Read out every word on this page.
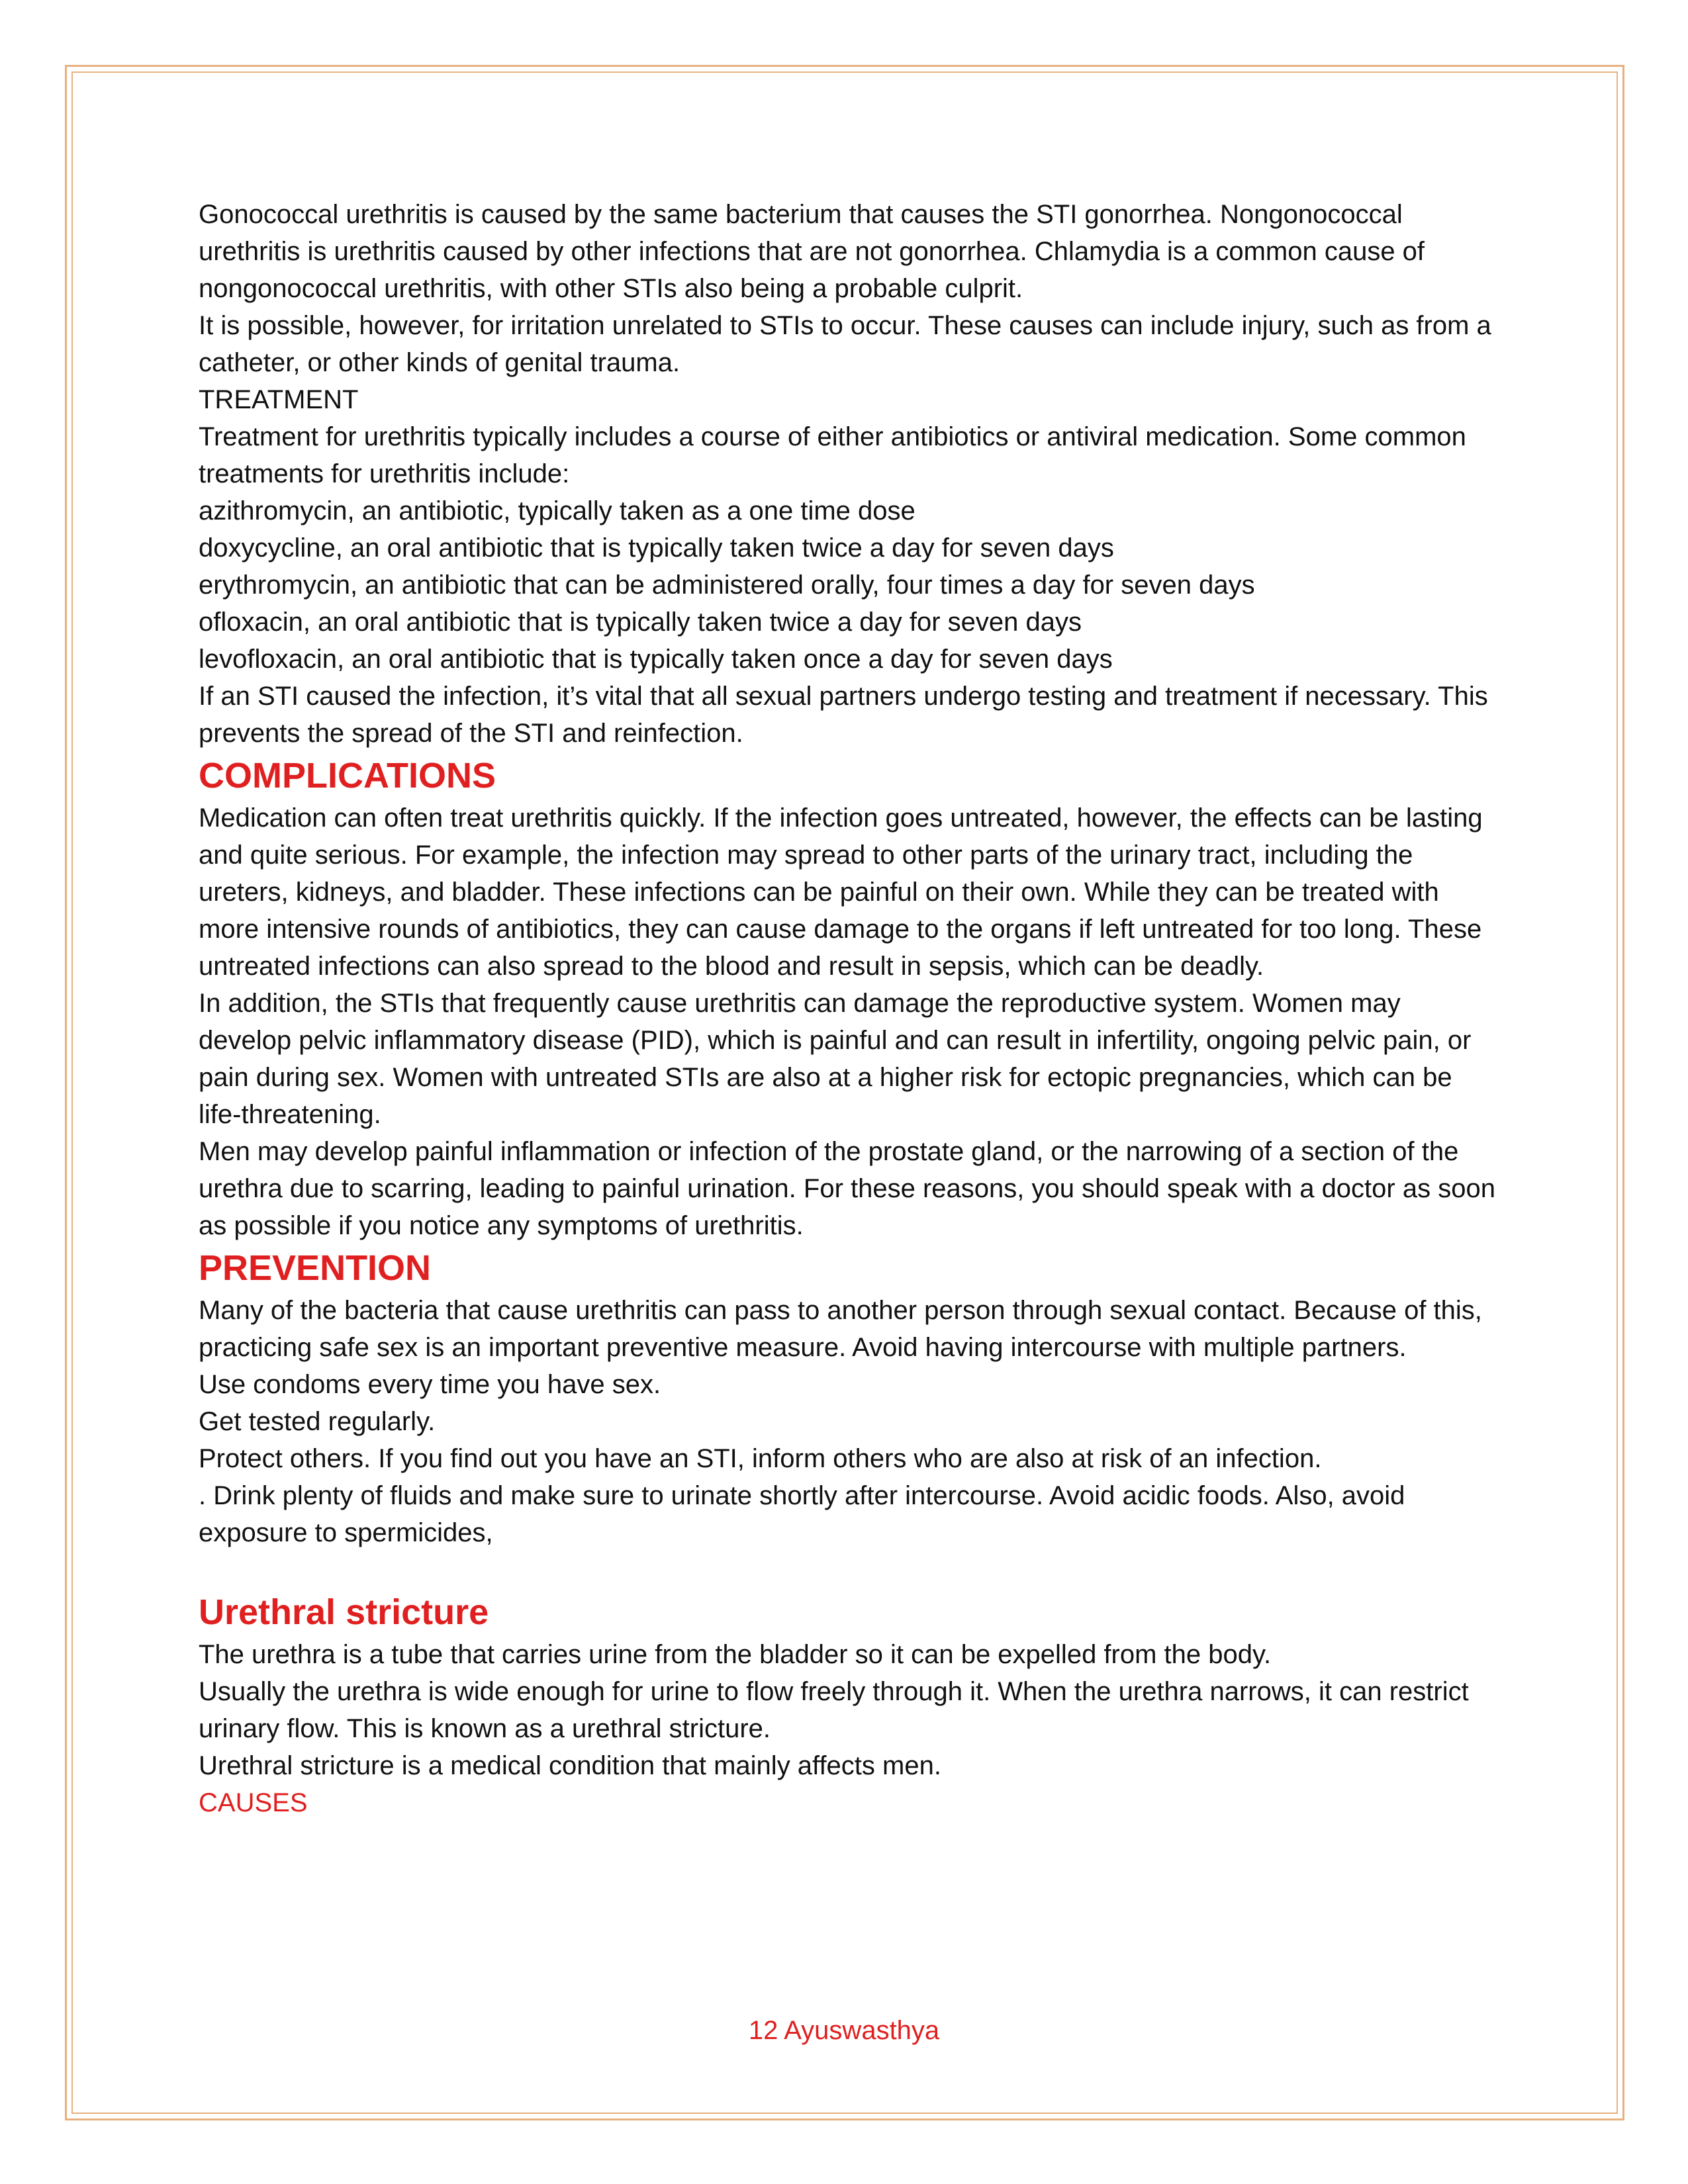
Gonococcal urethritis is caused by the same bacterium that causes the STI gonorrhea. Nongonococcal urethritis is urethritis caused by other infections that are not gonorrhea. Chlamydia is a common cause of nongonococcal urethritis, with other STIs also being a probable culprit.

It is possible, however, for irritation unrelated to STIs to occur. These causes can include injury, such as from a catheter, or other kinds of genital trauma.

TREATMENT

Treatment for urethritis typically includes a course of either antibiotics or antiviral medication. Some common treatments for urethritis include:

azithromycin, an antibiotic, typically taken as a one time dose

doxycycline, an oral antibiotic that is typically taken twice a day for seven days

erythromycin, an antibiotic that can be administered orally, four times a day for seven days

ofloxacin, an oral antibiotic that is typically taken twice a day for seven days

levofloxacin, an oral antibiotic that is typically taken once a day for seven days

If an STI caused the infection, it’s vital that all sexual partners undergo testing and treatment if necessary. This prevents the spread of the STI and reinfection.

COMPLICATIONS

Medication can often treat urethritis quickly. If the infection goes untreated, however, the effects can be lasting and quite serious. For example, the infection may spread to other parts of the urinary tract, including the ureters, kidneys, and bladder. These infections can be painful on their own. While they can be treated with more intensive rounds of antibiotics, they can cause damage to the organs if left untreated for too long. These untreated infections can also spread to the blood and result in sepsis, which can be deadly.

In addition, the STIs that frequently cause urethritis can damage the reproductive system. Women may develop pelvic inflammatory disease (PID), which is painful and can result in infertility, ongoing pelvic pain, or pain during sex. Women with untreated STIs are also at a higher risk for ectopic pregnancies, which can be life-threatening.

Men may develop painful inflammation or infection of the prostate gland, or the narrowing of a section of the urethra due to scarring, leading to painful urination. For these reasons, you should speak with a doctor as soon as possible if you notice any symptoms of urethritis.

PREVENTION

Many of the bacteria that cause urethritis can pass to another person through sexual contact. Because of this, practicing safe sex is an important preventive measure. Avoid having intercourse with multiple partners.

Use condoms every time you have sex.

Get tested regularly.

Protect others. If you find out you have an STI, inform others who are also at risk of an infection.

. Drink plenty of fluids and make sure to urinate shortly after intercourse. Avoid acidic foods. Also, avoid exposure to spermicides,

Urethral stricture

The urethra is a tube that carries urine from the bladder so it can be expelled from the body.

Usually the urethra is wide enough for urine to flow freely through it. When the urethra narrows, it can restrict urinary flow. This is known as a urethral stricture.

Urethral stricture is a medical condition that mainly affects men.

CAUSES

12 Ayuswasthya
